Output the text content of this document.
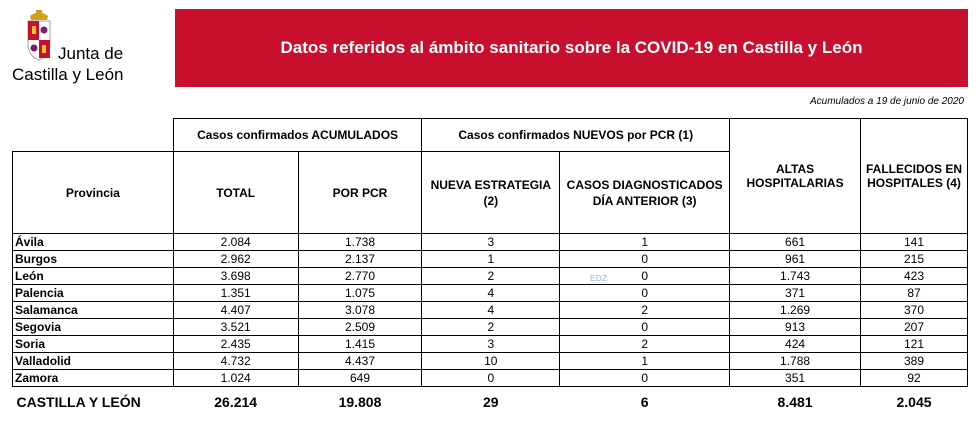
Junta de
Castilla y León
Datos referidos al ámbito sanitario sobre la COVID-19 en Castilla y León
Acumulados a 19 de junio de 2020
	Casos confirmados ACUMULADOS		Casos confirmados NUEVOS por PCR (1)		ALTAS HOSPITALARIAS	FALLECIDOS EN HOSPITALES (4)
Provincia	TOTAL	POR PCR	NUEVA ESTRATEGIA (2)	CASOS DIAGNOSTICADOS DÍA ANTERIOR (3)		
Ávila	2.084	1.738	3	1	661	141
Burgos	2.962	2.137	1	0	961	215
León	3.698	2.770	2	0	1.743	423
Palencia	1.351	1.075	4	0	371	87
Salamanca	4.407	3.078	4	2	1.269	370
Segovia	3.521	2.509	2	0	913	207
Soria	2.435	1.415	3	2	424	121
Valladolid	4.732	4.437	10	1	1.788	389
Zamora	1.024	649	0	0	351	92
CASTILLA Y LEÓN	26.214	19.808	29	6	8.481	2.045
EDZ
